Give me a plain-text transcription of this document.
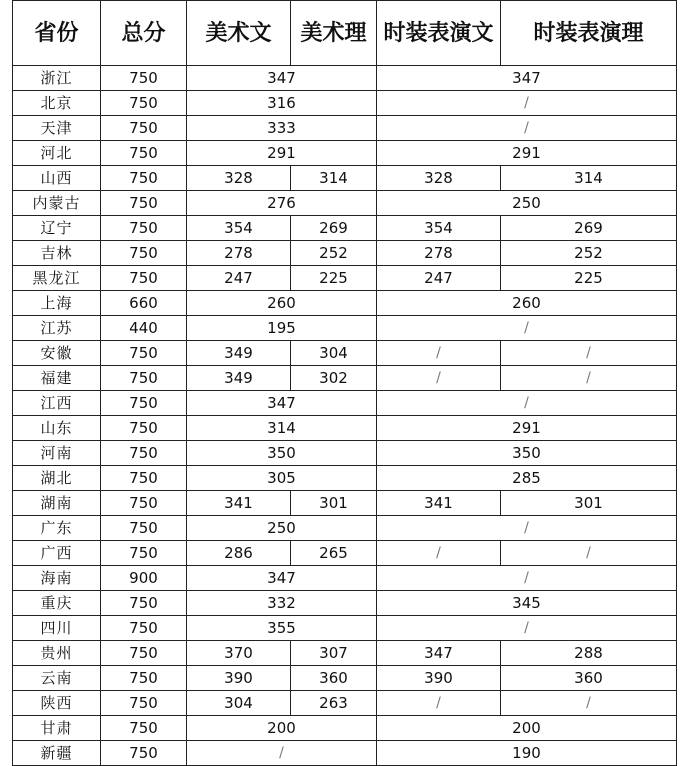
省份	总分	美术文	美术理	时装表演文	时装表演理
浙江	750	347		347	
北京	750	316		/	
天津	750	333		/	
河北	750	291		291	
山西	750	328	314	328	314
内蒙古	750	276		250	
辽宁	750	354	269	354	269
吉林	750	278	252	278	252
黑龙江	750	247	225	247	225
上海	660	260		260	
江苏	440	195		/	
安徽	750	349	304	/	/
福建	750	349	302	/	/
江西	750	347		/	
山东	750	314		291	
河南	750	350		350	
湖北	750	305		285	
湖南	750	341	301	341	301
广东	750	250		/	
广西	750	286	265	/	/
海南	900	347		/	
重庆	750	332		345	
四川	750	355		/	
贵州	750	370	307	347	288
云南	750	390	360	390	360
陕西	750	304	263	/	/
甘肃	750	200		200	
新疆	750	/		190	
